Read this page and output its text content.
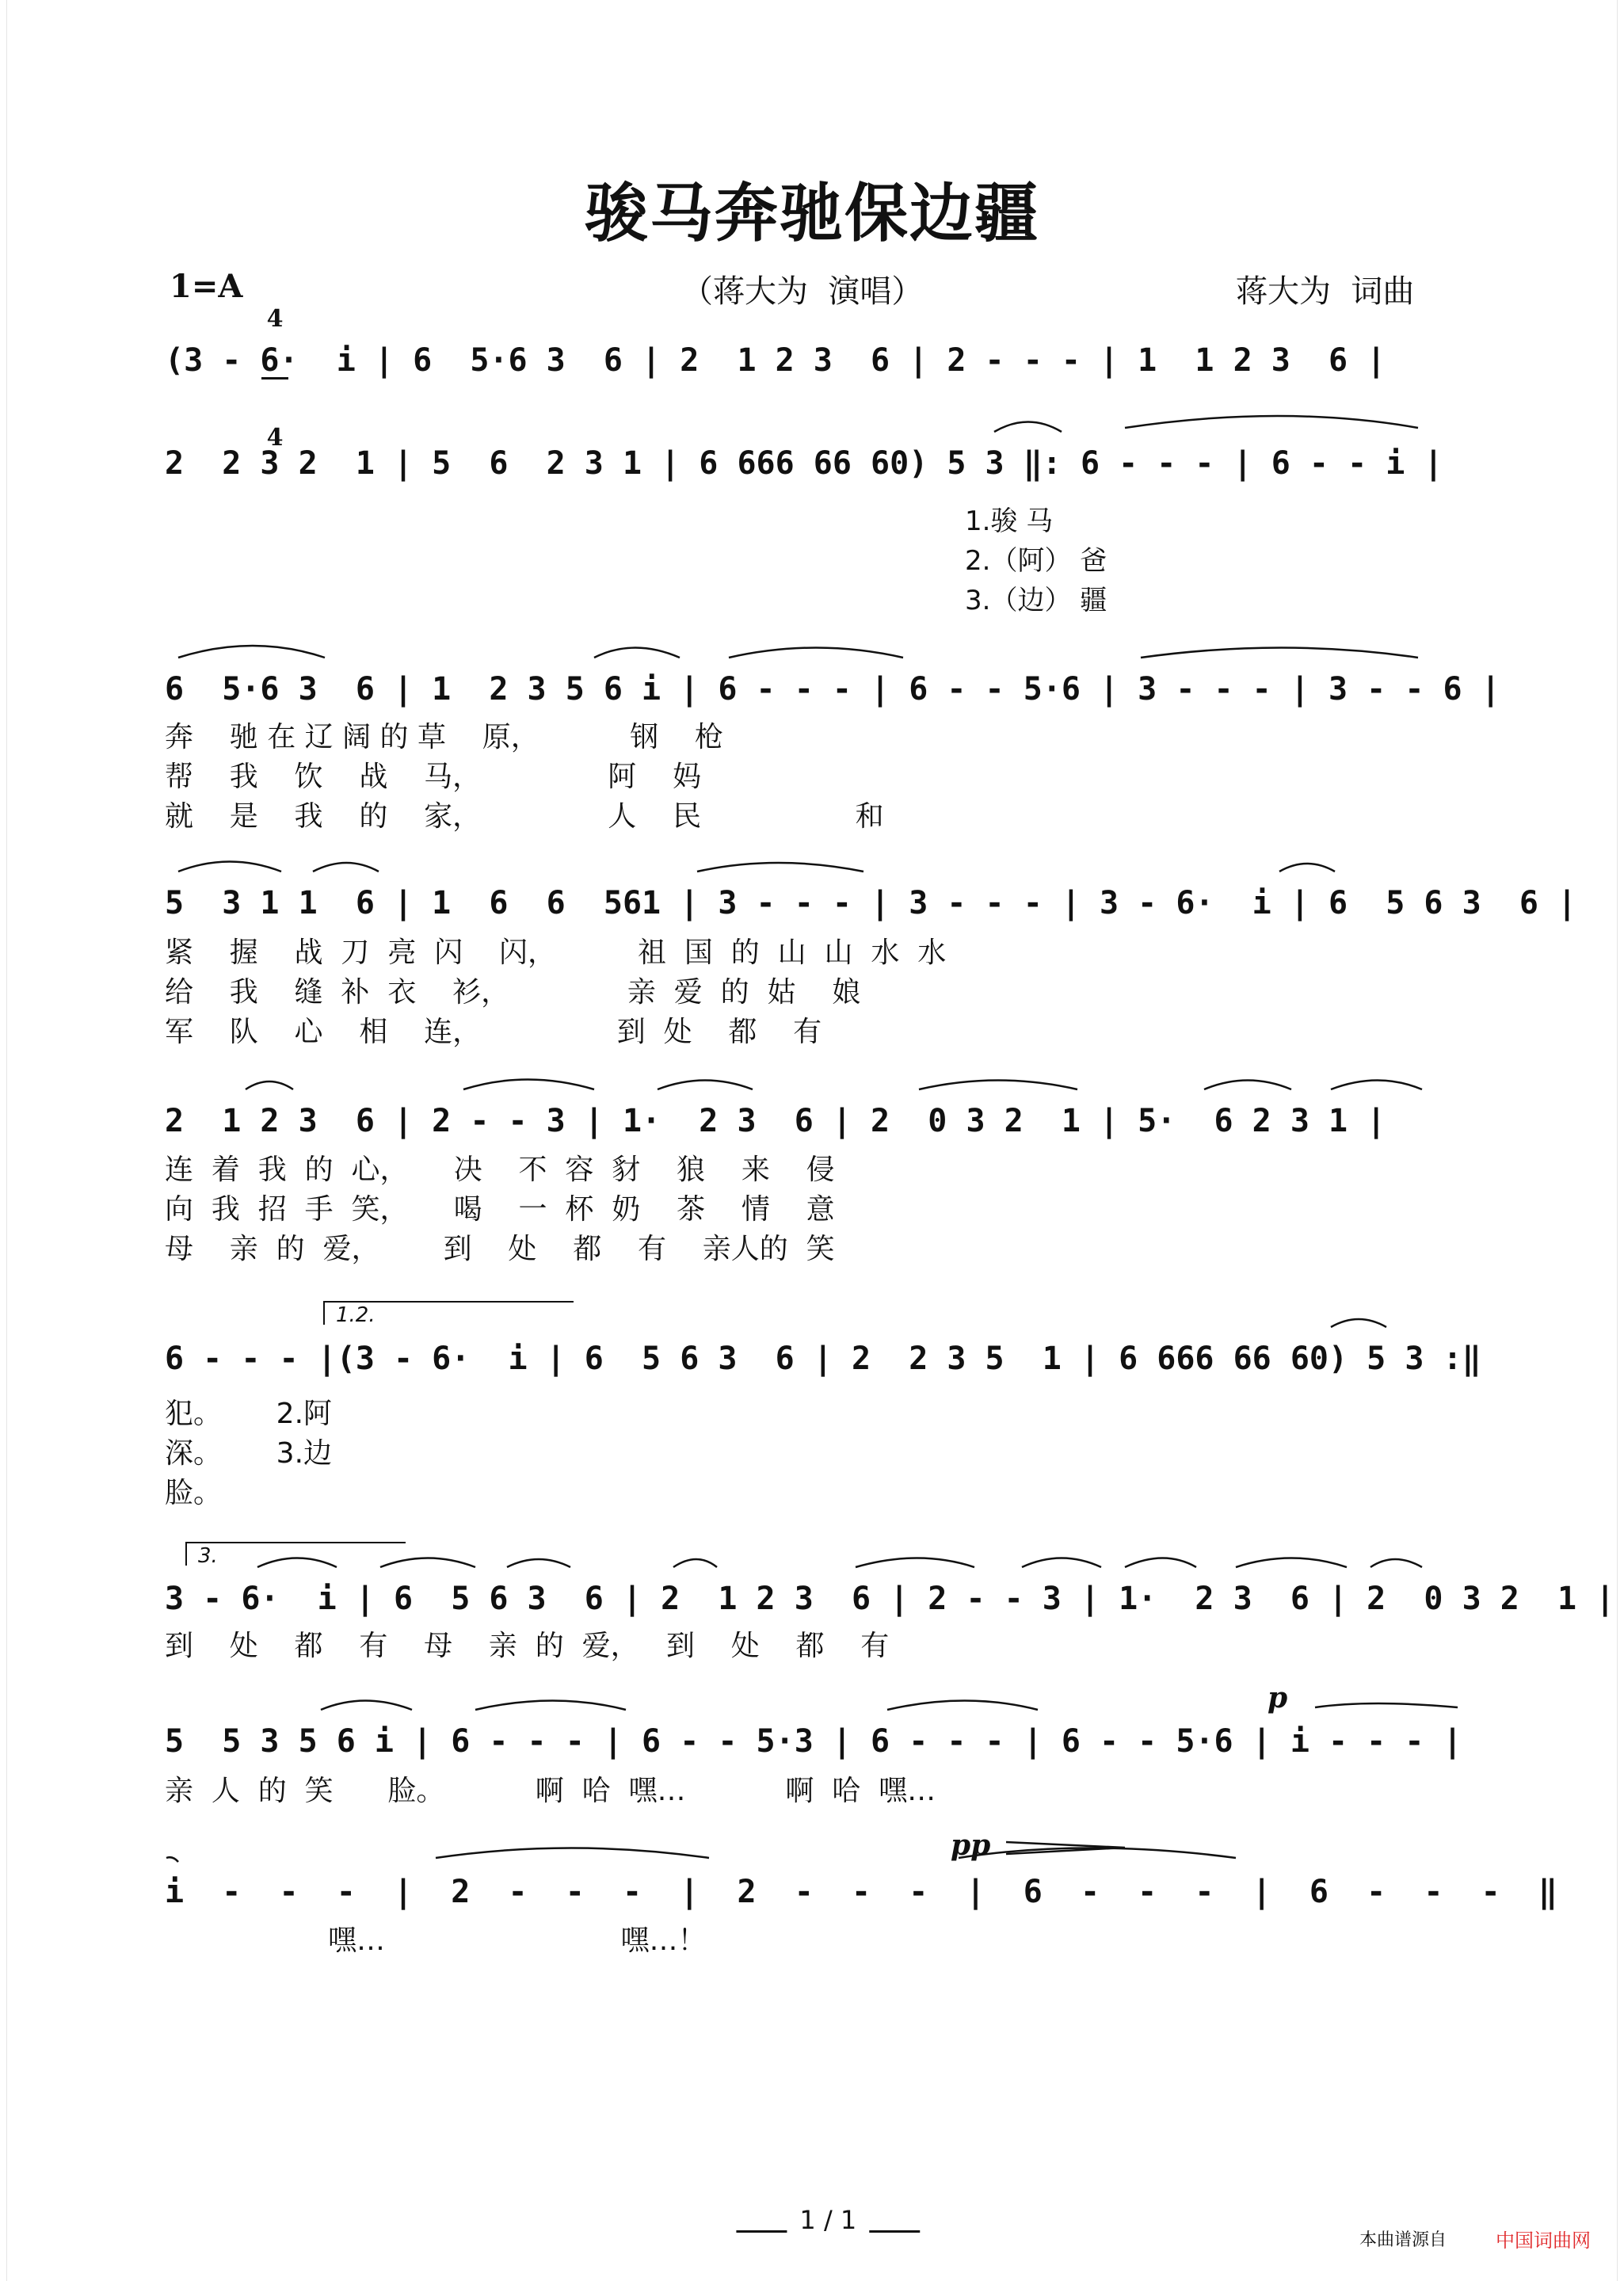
骏马奔驰保边疆
1=A

4

4

（蒋大为  演唱）	蒋大为  词曲
(3 - 6·  i | 6  5·6 3  6 | 2  1 2 3  6 | 2 - - - | 1  1 2 3  6 |
2  2 3 2  1 | 5  6  2 3 1 | 6 666 66 60) 5 3 ‖: 6 - - - | 6 - - i |
1.骏 马
2.（阿） 爸
3.（边） 疆
6  5·6 3  6 | 1  2 3 5 6 i | 6 - - - | 6 - - 5·6 | 3 - - - | 3 - - 6 |
奔    驰 在 辽 阔 的 草    原，          钢    枪
帮    我    饮    战    马，              阿    妈
就    是    我    的    家，              人    民                 和
5  3 1 1  6 | 1  6  6  561 | 3 - - - | 3 - - - | 3 - 6·  i | 6  5 6 3  6 |
紧    握    战  刀  亮  闪    闪，         祖  国  的  山  山  水  水
给    我    缝  补  衣    衫，             亲  爱  的  姑    娘
军    队    心    相    连，               到  处    都    有
2  1 2 3  6 | 2 - - 3 | 1·  2 3  6 | 2  0 3 2  1 | 5·  6 2 3 1 |
连  着  我  的  心，     决    不  容  豺    狼    来    侵
向  我  招  手  笑，     喝    一  杯  奶    茶    情    意
母    亲  的  爱，       到    处    都    有    亲人的  笑
1.2.
6 - - - |(3 - 6·  i | 6  5 6 3  6 | 2  2 3 5  1 | 6 666 66 60) 5 3 :‖
犯。      2.阿
深。      3.边
脸。
3.
3 - 6·  i | 6  5 6 3  6 | 2  1 2 3  6 | 2 - - 3 | 1·  2 3  6 | 2  0 3 2  1 |
到    处    都    有    母    亲  的  爱，   到    处    都    有
p
5  5 3 5 6 i | 6 - - - | 6 - - 5·3 | 6 - - - | 6 - - 5·6 | i - - - |
亲  人  的  笑      脸。          啊  哈  嘿…           啊  哈  嘿…
pp
i  -  -  -  |  2  -  -  -  |  2  -  -  -  |  6  -  -  -  |  6  -  -  -  ‖
嘿…                          嘿…！

   1 / 1   

本曲谱源自	中国词曲网
